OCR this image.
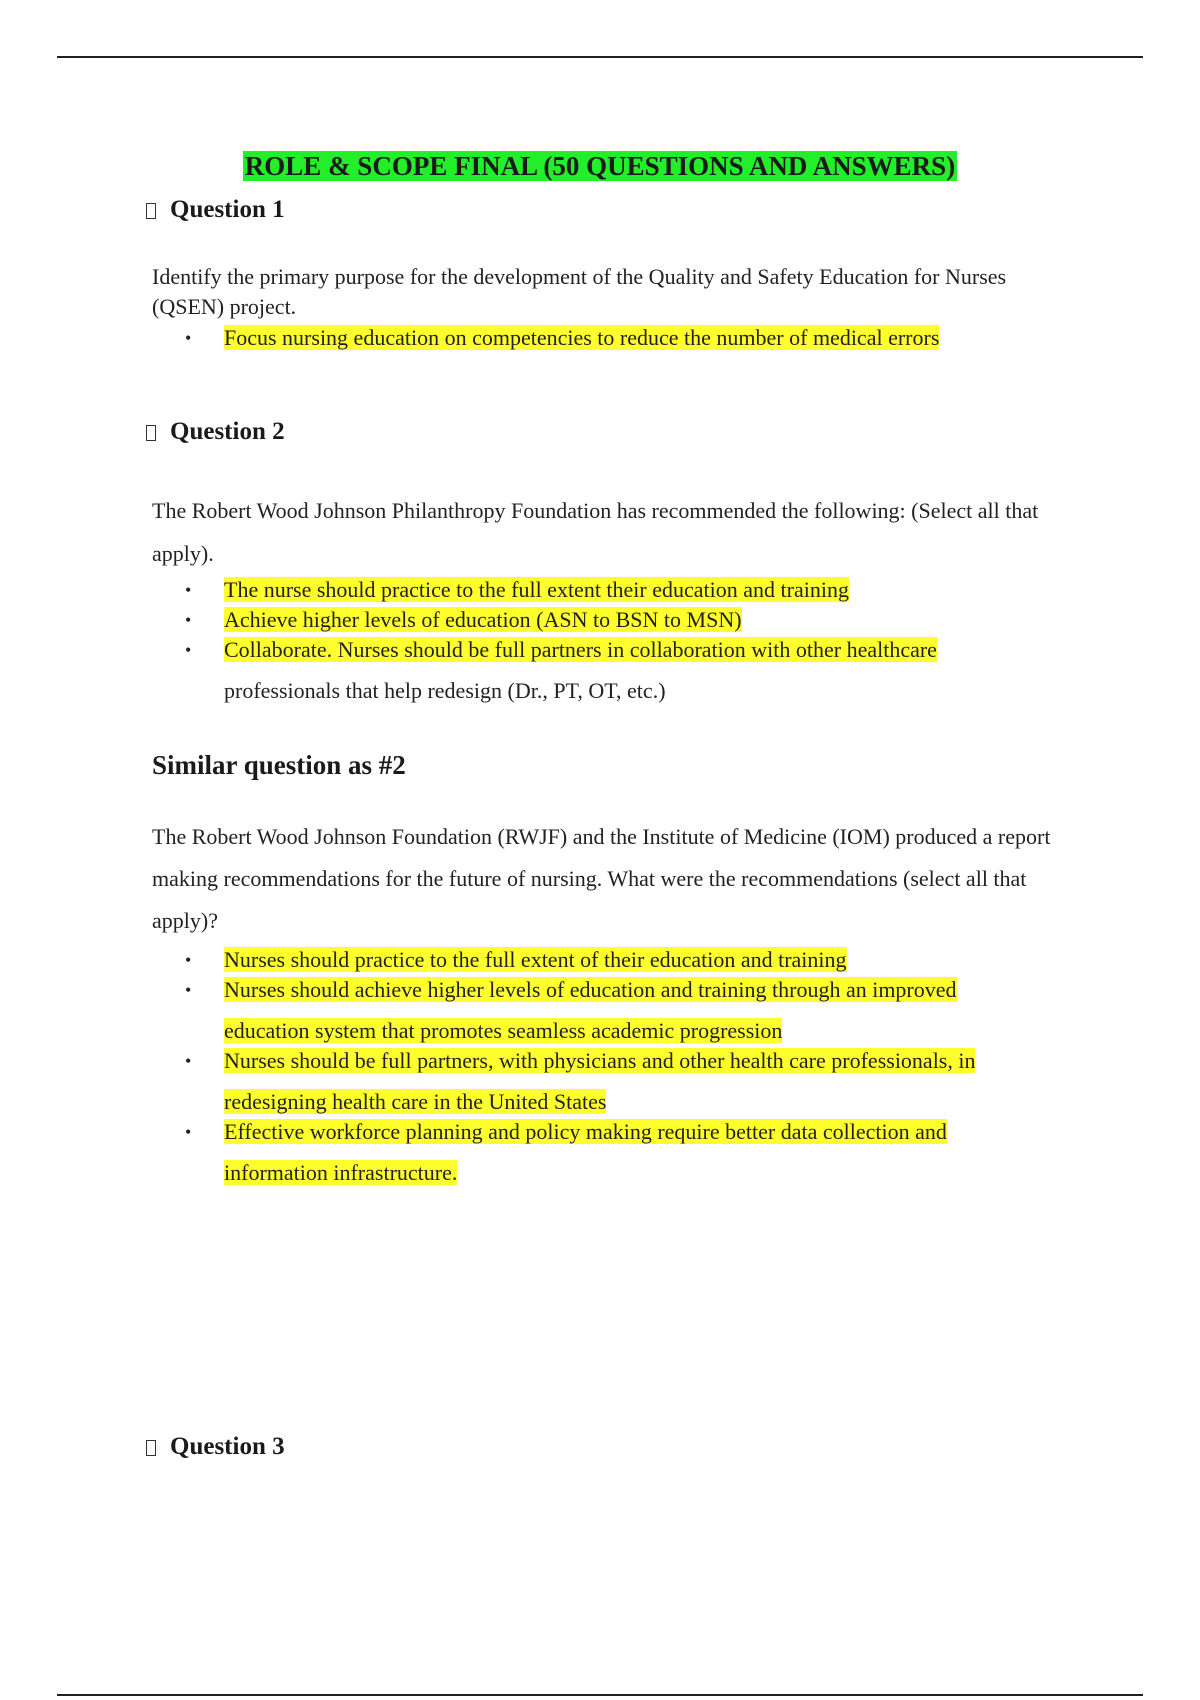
ROLE & SCOPE FINAL (50 QUESTIONS AND ANSWERS)
Question 1
Identify the primary purpose for the development of the Quality and Safety Education for Nurses (QSEN) project.
• Focus nursing education on competencies to reduce the number of medical errors
Question 2
The Robert Wood Johnson Philanthropy Foundation has recommended the following: (Select all that apply).
• The nurse should practice to the full extent their education and training
• Achieve higher levels of education (ASN to BSN to MSN)
• Collaborate. Nurses should be full partners in collaboration with other healthcare
professionals that help redesign (Dr., PT, OT, etc.)
Similar question as #2
The Robert Wood Johnson Foundation (RWJF) and the Institute of Medicine (IOM) produced a report making recommendations for the future of nursing. What were the recommendations (select all that apply)?
• Nurses should practice to the full extent of their education and training
• Nurses should achieve higher levels of education and training through an improved
education system that promotes seamless academic progression
• Nurses should be full partners, with physicians and other health care professionals, in
redesigning health care in the United States
• Effective workforce planning and policy making require better data collection and
information infrastructure.
Question 3
